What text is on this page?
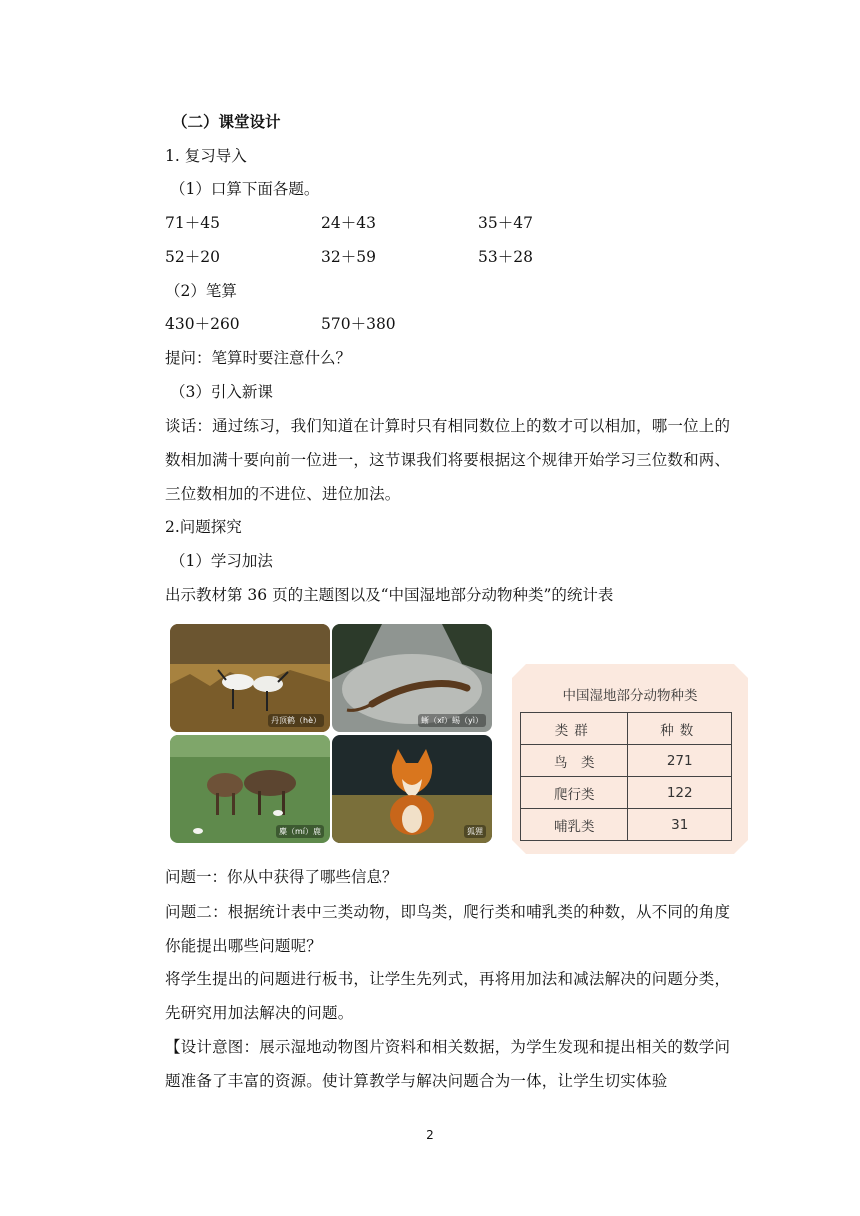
（二）课堂设计
1. 复习导入
（1）口算下面各题。
71＋45	24＋43	35＋47
52＋20	32＋59	53＋28
（2）笔算
430＋260	570＋380
提问：笔算时要注意什么？
（3）引入新课
谈话：通过练习，我们知道在计算时只有相同数位上的数才可以相加，哪一位上的数相加满十要向前一位进一，这节课我们将要根据这个规律开始学习三位数和两、三位数相加的不进位、进位加法。
2.问题探究
（1）学习加法
出示教材第 36 页的主题图以及“中国湿地部分动物种类”的统计表
丹顶鹤（hè）	蜥（xī）蜴（yì）
麋（mí）鹿	狐狸
中国湿地部分动物种类
类群	种数
鸟　类	271
爬行类	122
哺乳类	31
问题一：你从中获得了哪些信息？
问题二：根据统计表中三类动物，即鸟类，爬行类和哺乳类的种数，从不同的角度你能提出哪些问题呢？
将学生提出的问题进行板书，让学生先列式，再将用加法和减法解决的问题分类，先研究用加法解决的问题。
【设计意图：展示湿地动物图片资料和相关数据，为学生发现和提出相关的数学问题准备了丰富的资源。使计算教学与解决问题合为一体，让学生切实体验
2
